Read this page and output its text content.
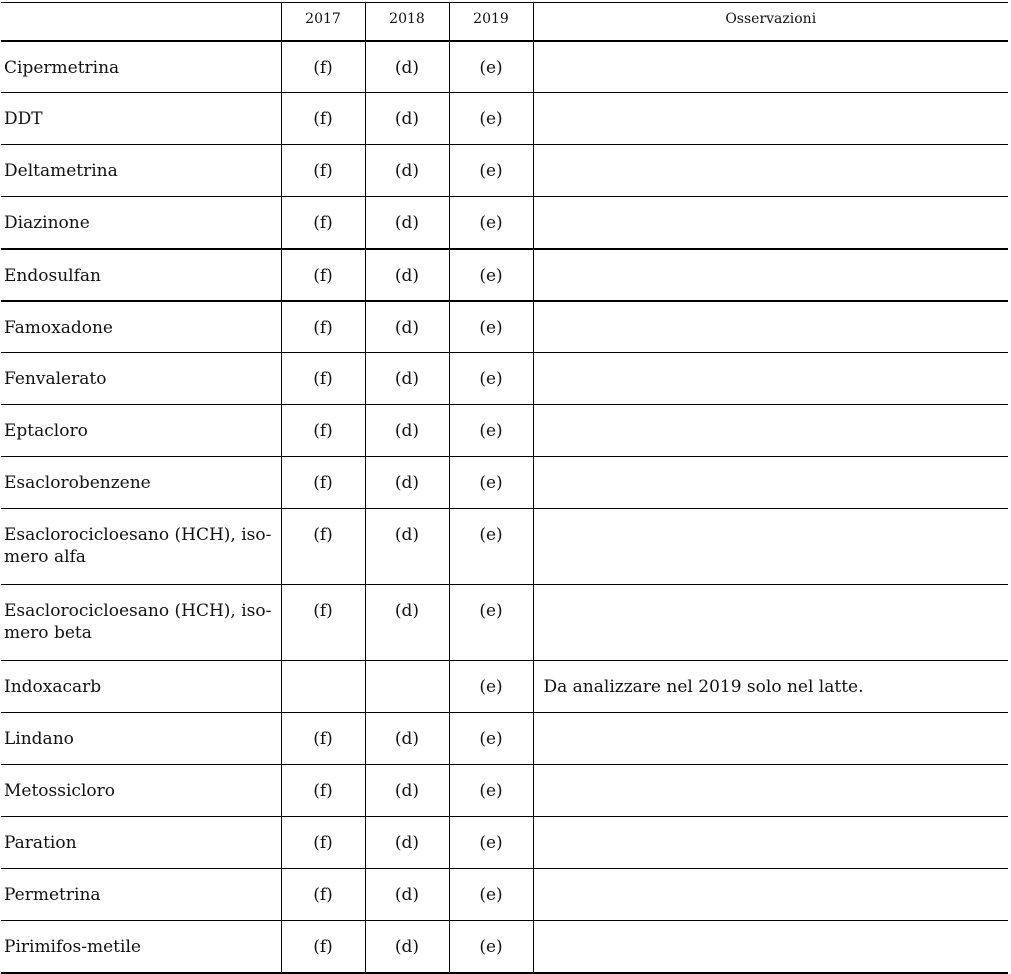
	2017	2018	2019	Osservazioni
Cipermetrina	(f)	(d)	(e)	
DDT	(f)	(d)	(e)	
Deltametrina	(f)	(d)	(e)	
Diazinone	(f)	(d)	(e)	
Endosulfan	(f)	(d)	(e)	
Famoxadone	(f)	(d)	(e)	
Fenvalerato	(f)	(d)	(e)	
Eptacloro	(f)	(d)	(e)	
Esaclorobenzene	(f)	(d)	(e)	
Esaclorocicloesano (HCH), iso-
mero alfa	(f)	(d)	(e)	
Esaclorocicloesano (HCH), iso-
mero beta	(f)	(d)	(e)	
Indoxacarb			(e)	Da analizzare nel 2019 solo nel latte.
Lindano	(f)	(d)	(e)	
Metossicloro	(f)	(d)	(e)	
Paration	(f)	(d)	(e)	
Permetrina	(f)	(d)	(e)	
Pirimifos-metile	(f)	(d)	(e)	
